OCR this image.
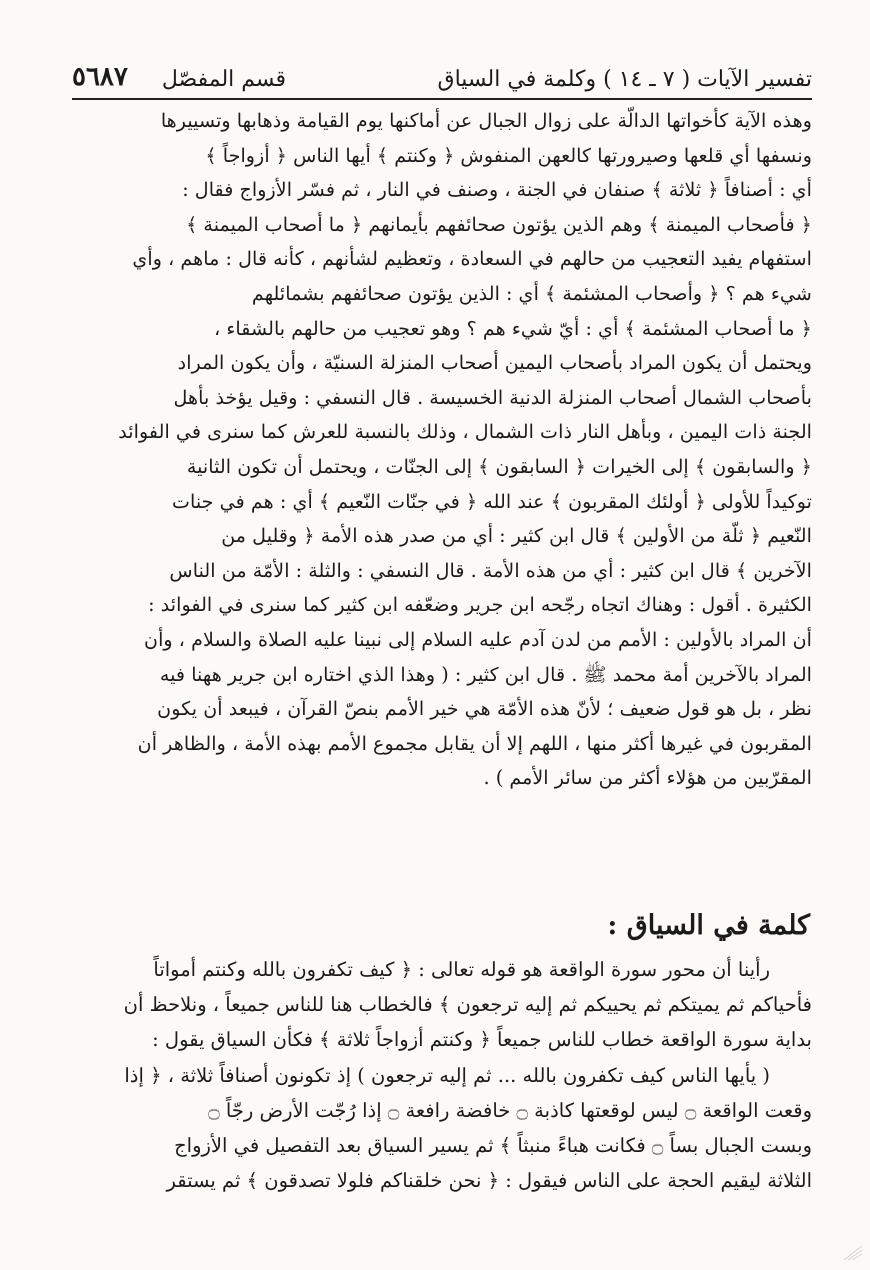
تفسير الآيات ( ٧ ـ ١٤ ) وكلمة في السياق
قسم المفصّل
٥٦٨٧
وهذه الآية كأخواتها الدالّة على زوال الجبال عن أماكنها يوم القيامة وذهابها وتسييرها
ونسفها أي قلعها وصيرورتها كالعهن المنفوش ﴿ وكنتم ﴾ أيها الناس ﴿ أزواجاً ﴾
أي : أصنافاً ﴿ ثلاثة ﴾ صنفان في الجنة ، وصنف في النار ، ثم فسّر الأزواج فقال :
﴿ فأصحاب الميمنة ﴾ وهم الذين يؤتون صحائفهم بأيمانهم ﴿ ما أصحاب الميمنة ﴾
استفهام يفيد التعجيب من حالهم في السعادة ، وتعظيم لشأنهم ، كأنه قال : ماهم ، وأي
شيء هم ؟ ﴿ وأصحاب المشئمة ﴾ أي : الذين يؤتون صحائفهم بشمائلهم
﴿ ما أصحاب المشئمة ﴾ أي : أيّ شيء هم ؟ وهو تعجيب من حالهم بالشقاء ،
ويحتمل أن يكون المراد بأصحاب اليمين أصحاب المنزلة السنيّة ، وأن يكون المراد
بأصحاب الشمال أصحاب المنزلة الدنية الخسيسة . قال النسفي : وقيل يؤخذ بأهل
الجنة ذات اليمين ، وبأهل النار ذات الشمال ، وذلك بالنسبة للعرش كما سنرى في الفوائد
﴿ والسابقون ﴾ إلى الخيرات ﴿ السابقون ﴾ إلى الجنّات ، ويحتمل أن تكون الثانية
توكيداً للأولى ﴿ أولئك المقربون ﴾ عند الله ﴿ في جنّات النّعيم ﴾ أي : هم في جنات
النّعيم ﴿ ثلّة من الأولين ﴾ قال ابن كثير : أي من صدر هذه الأمة ﴿ وقليل من
الآخرين ﴾ قال ابن كثير : أي من هذه الأمة . قال النسفي : والثلة : الأمّة من الناس
الكثيرة . أقول : وهناك اتجاه رجّحه ابن جرير وضعّفه ابن كثير كما سنرى في الفوائد :
أن المراد بالأولين : الأمم من لدن آدم عليه السلام إلى نبينا عليه الصلاة والسلام ، وأن
المراد بالآخرين أمة محمد ﷺ . قال ابن كثير : ( وهذا الذي اختاره ابن جرير ههنا فيه
نظر ، بل هو قول ضعيف ؛ لأنّ هذه الأمّة هي خير الأمم بنصّ القرآن ، فيبعد أن يكون
المقربون في غيرها أكثر منها ، اللهم إلا أن يقابل مجموع الأمم بهذه الأمة ، والظاهر أن
المقرّبين من هؤلاء أكثر من سائر الأمم ) .
كلمة في السياق :
رأينا أن محور سورة الواقعة هو قوله تعالى : ﴿ كيف تكفرون بالله وكنتم أمواتاً
فأحياكم ثم يميتكم ثم يحييكم ثم إليه ترجعون ﴾ فالخطاب هنا للناس جميعاً ، ونلاحظ أن
بداية سورة الواقعة خطاب للناس جميعاً ﴿ وكنتم أزواجاً ثلاثة ﴾ فكأن السياق يقول :
( يأيها الناس كيف تكفرون بالله ... ثم إليه ترجعون ) إذ تكونون أصنافاً ثلاثة ، ﴿ إذا
وقعت الواقعة ۝ ليس لوقعتها كاذبة ۝ خافضة رافعة ۝ إذا رُجّت الأرض رجّاً ۝
وبست الجبال بساً ۝ فكانت هباءً منبثاً ﴾ ثم يسير السياق بعد التفصيل في الأزواج
الثلاثة ليقيم الحجة على الناس فيقول : ﴿ نحن خلقناكم فلولا تصدقون ﴾ ثم يستقر
